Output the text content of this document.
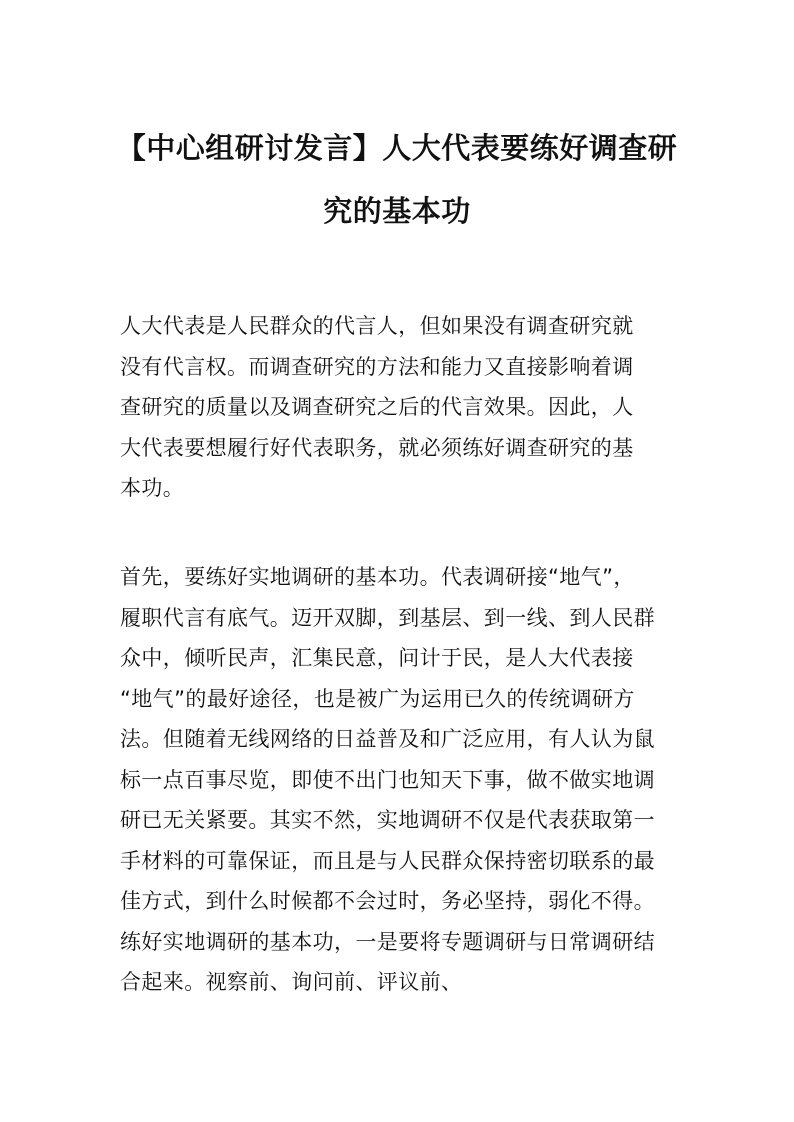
【中心组研讨发言】人大代表要练好调查研
究的基本功
人大代表是人民群众的代言人，但如果没有调查研究就
没有代言权。而调查研究的方法和能力又直接影响着调
查研究的质量以及调查研究之后的代言效果。因此，人
大代表要想履行好代表职务，就必须练好调查研究的基
本功。
首先，要练好实地调研的基本功。代表调研接“地气”，
履职代言有底气。迈开双脚，到基层、到一线、到人民群
众中，倾听民声，汇集民意，问计于民，是人大代表接
“地气”的最好途径，也是被广为运用已久的传统调研方
法。但随着无线网络的日益普及和广泛应用，有人认为鼠
标一点百事尽览，即使不出门也知天下事，做不做实地调
研已无关紧要。其实不然，实地调研不仅是代表获取第一
手材料的可靠保证，而且是与人民群众保持密切联系的最
佳方式，到什么时候都不会过时，务必坚持，弱化不得。
练好实地调研的基本功，一是要将专题调研与日常调研结
合起来。视察前、询问前、评议前、
